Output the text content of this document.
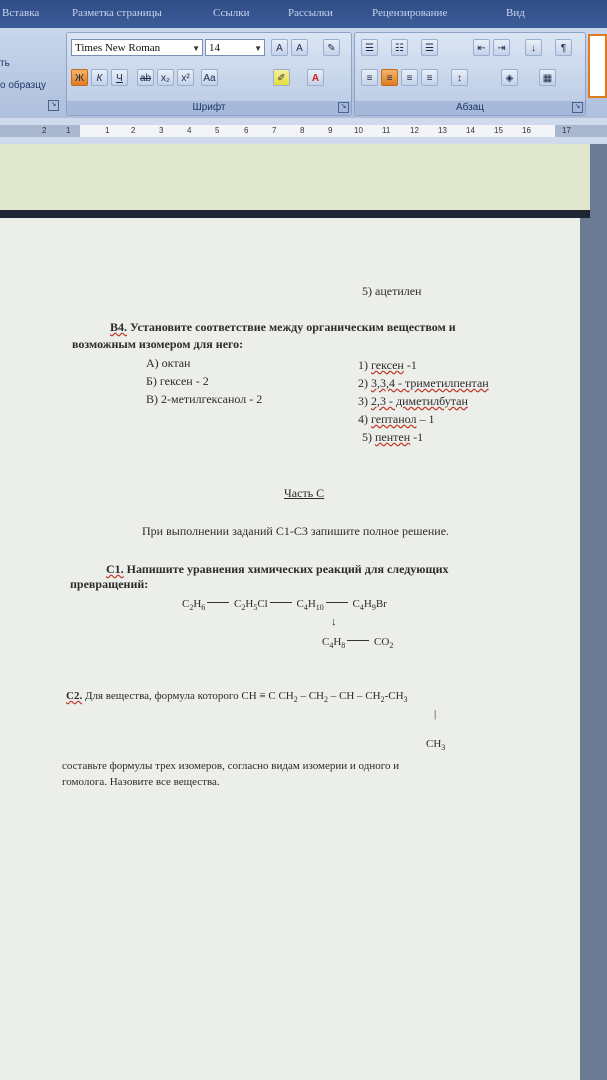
Вставка	Разметка страницы	Ссылки	Рассылки	Рецензирование	Вид
ть
о образцу
↘
Times New Roman	▼ 14	▼	A	A	✎
Ж	К	Ч	ab x₂	x²	Aa	✐	A
Шрифт	↘
☰	☷	☰	⇤	⇥	↓	¶
≡	≡	≡	≡	↕	◈	▦
Абзац	↘
2 1	1	2	3	4	5	6	7	8	9	10 11 12 13 14 15 16	17
5) ацетилен
В4. Установите соответствие между органическим веществом и
возможным изомером для него:
А) октан
Б) гексен - 2
В) 2-метилгексанол - 2
1) гексен -1
2) 3,3,4 - триметилпентан
3) 2,3 - диметилбутан
4) гептанол – 1
5) пентен -1
Часть С
При выполнении заданий С1-С3 запишите полное решение.
С1. Напишите уравнения химических реакций для следующих
превращений:
$C_2H_6$	$C_2H_5Cl$	$C_4H_{10}$	$C_4H_9Br$
↓
$C_4H_8$	$CO_2$
С2. Для вещества, формула которого CH ≡ C $CH_2 - CH_2$ – CH – $CH_2-CH_3$
|
$CH_3$
составьте формулы трех изомеров, согласно видам изомерии и одного и
гомолога. Назовите все вещества.
